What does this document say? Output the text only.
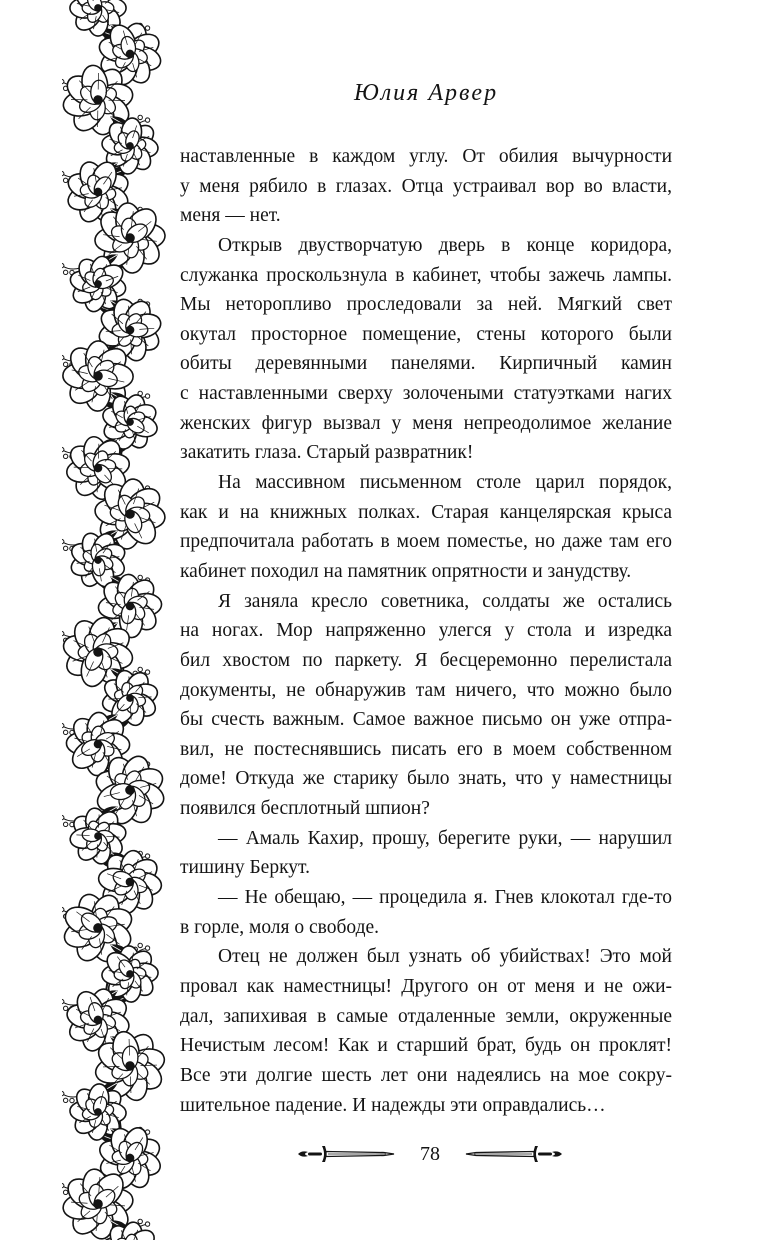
Юлия Арвер
наставленные в каждом углу. От обилия вычурности
у меня рябило в глазах. Отца устраивал вор во власти,
меня — нет.
Открыв двустворчатую дверь в конце коридора,
служанка проскользнула в кабинет, чтобы зажечь лампы.
Мы неторопливо проследовали за ней. Мягкий свет
окутал просторное помещение, стены которого были
обиты деревянными панелями. Кирпичный камин
с наставленными сверху золочеными статуэтками нагих
женских фигур вызвал у меня непреодолимое желание
закатить глаза. Старый развратник!
На массивном письменном столе царил порядок,
как и на книжных полках. Старая канцелярская крыса
предпочитала работать в моем поместье, но даже там его
кабинет походил на памятник опрятности и занудству.
Я заняла кресло советника, солдаты же остались
на ногах. Мор напряженно улегся у стола и изредка
бил хвостом по паркету. Я бесцеремонно перелистала
документы, не обнаружив там ничего, что можно было
бы счесть важным. Самое важное письмо он уже отпра-
вил, не постеснявшись писать его в моем собственном
доме! Откуда же старику было знать, что у наместницы
появился бесплотный шпион?
— Амаль Кахир, прошу, берегите руки, — нарушил
тишину Беркут.
— Не обещаю, — процедила я. Гнев клокотал где-то
в горле, моля о свободе.
Отец не должен был узнать об убийствах! Это мой
провал как наместницы! Другого он от меня и не ожи-
дал, запихивая в самые отдаленные земли, окруженные
Нечистым лесом! Как и старший брат, будь он проклят!
Все эти долгие шесть лет они надеялись на мое сокру-
шительное падение. И надежды эти оправдались…
78
